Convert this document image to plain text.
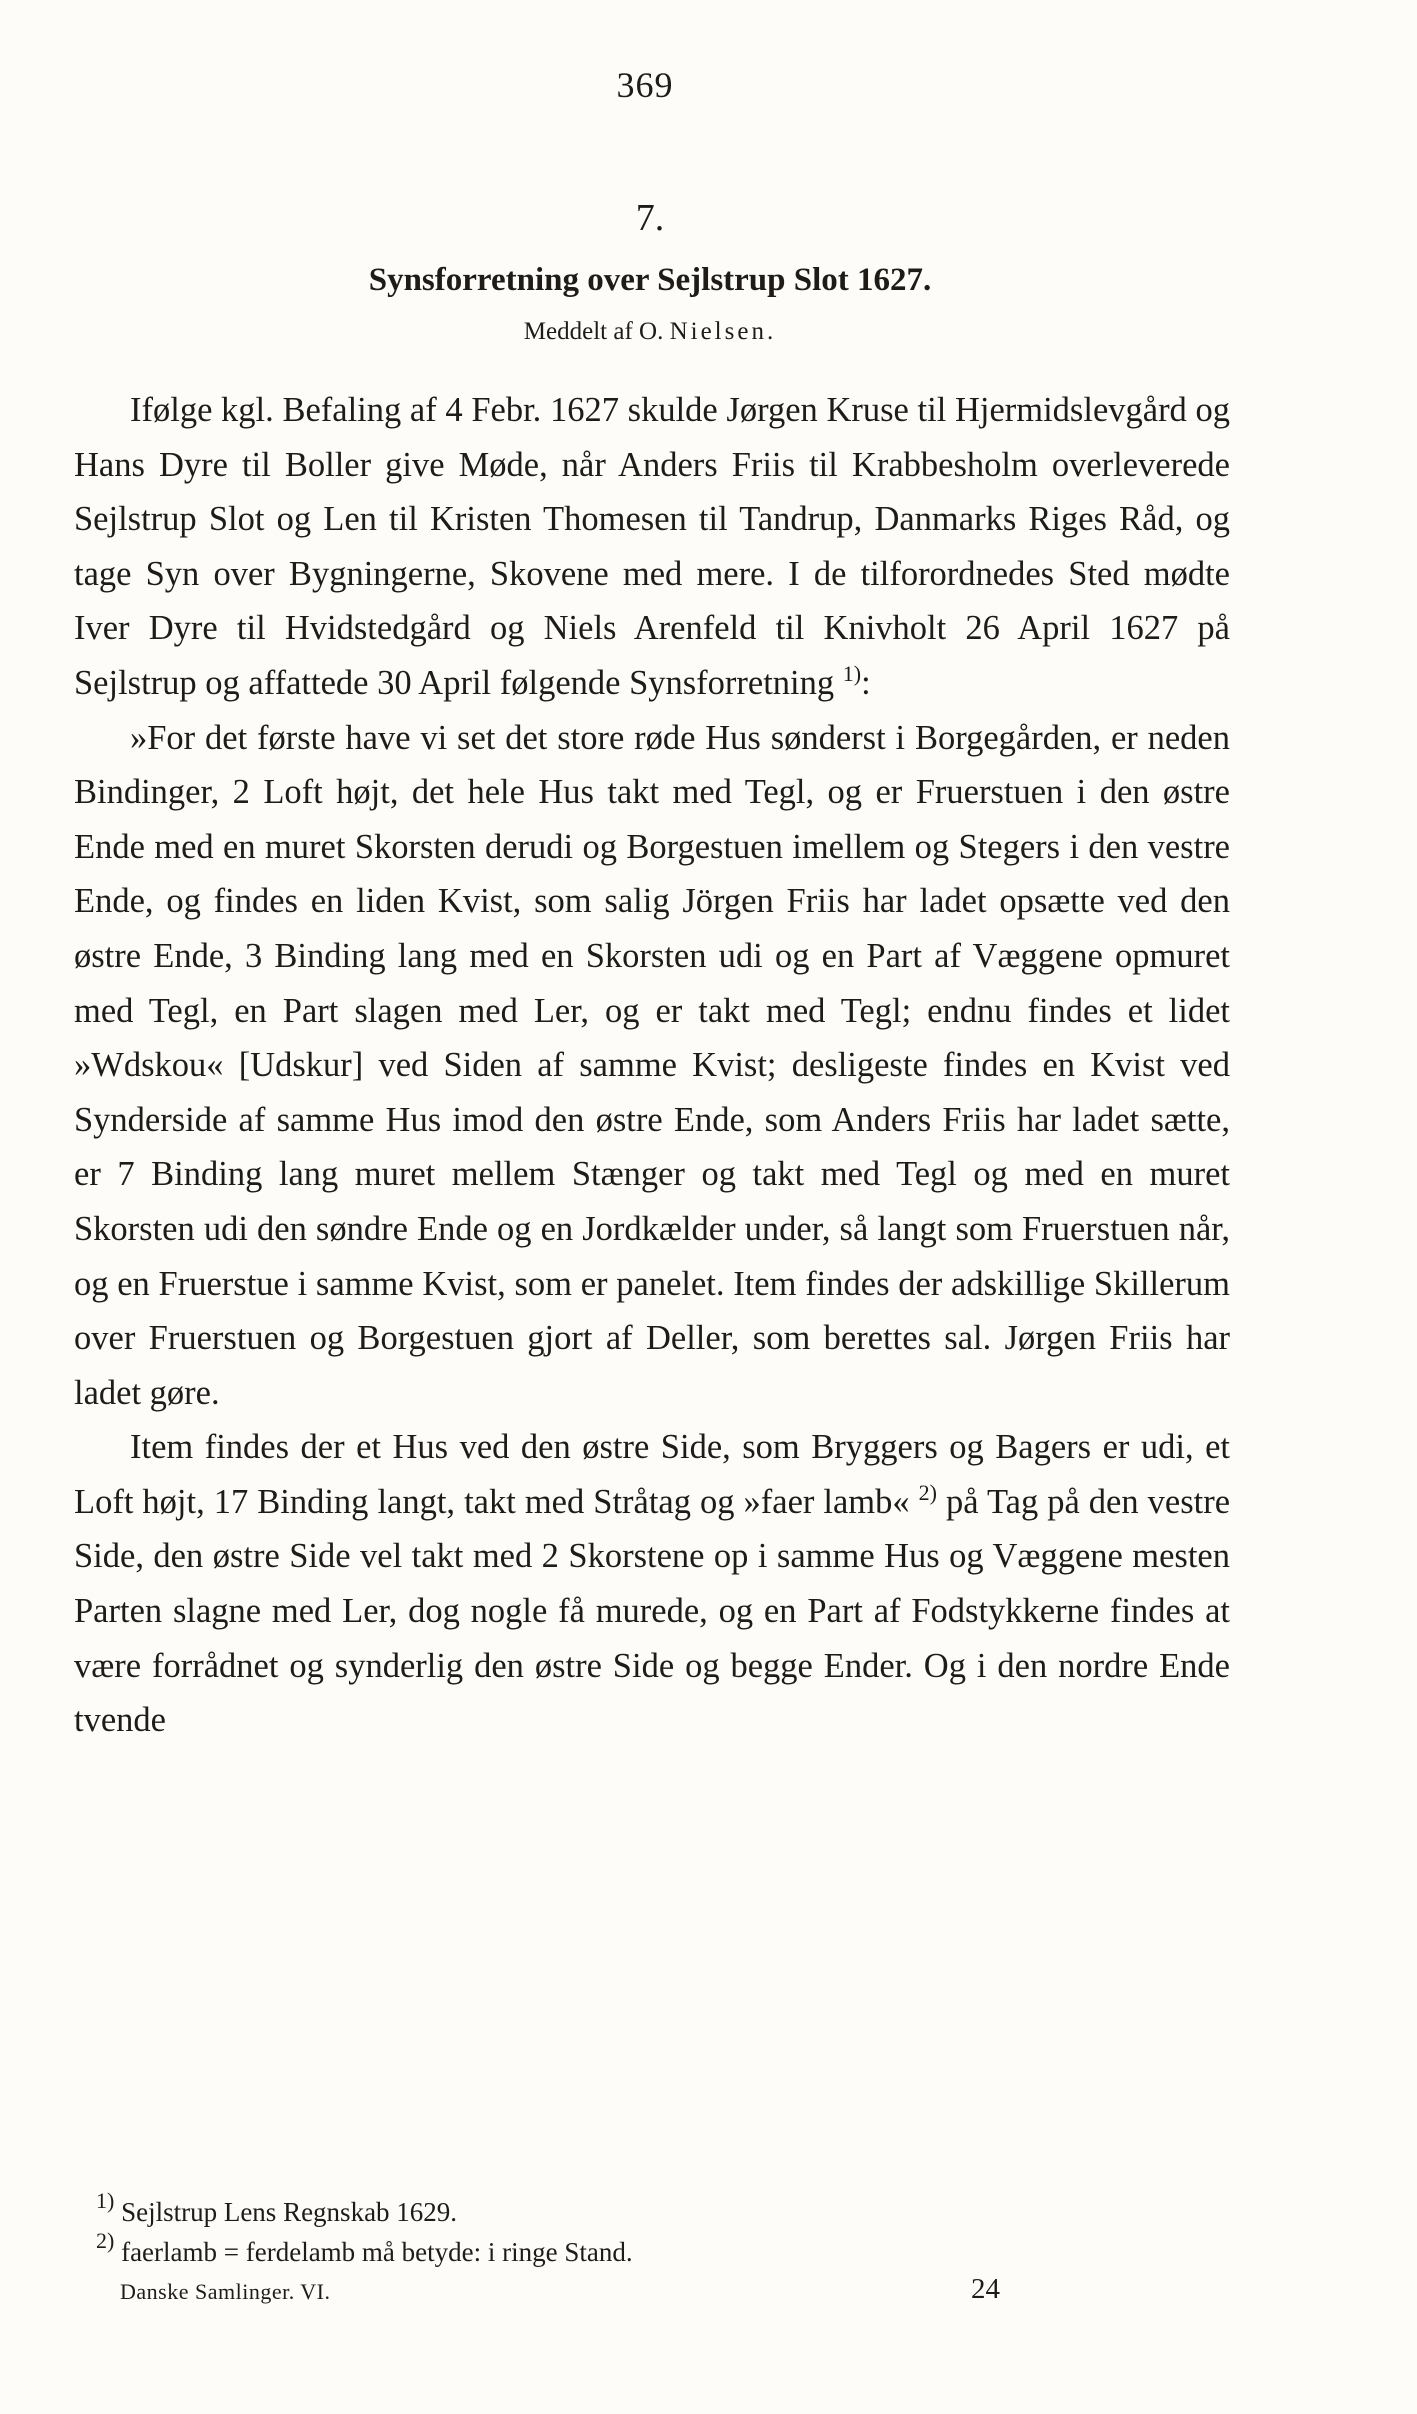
369
7.
Synsforretning over Sejlstrup Slot 1627.
Meddelt af O. Nielsen.

Ifølge kgl. Befaling af 4 Febr. 1627 skulde Jørgen Kruse til Hjermidslevgård og Hans Dyre til Boller give Møde, når Anders Friis til Krabbesholm overleverede Sejlstrup Slot og Len til Kristen Thomesen til Tandrup, Danmarks Riges Råd, og tage Syn over Bygningerne, Skovene med mere. I de tilforordnedes Sted mødte Iver Dyre til Hvidstedgård og Niels Arenfeld til Knivholt 26 April 1627 på Sejlstrup og affattede 30 April følgende Synsforretning $^{1)}$:

»For det første have vi set det store røde Hus sønderst i Borgegården, er neden Bindinger, 2 Loft højt, det hele Hus takt med Tegl, og er Fruerstuen i den østre Ende med en muret Skorsten derudi og Borgestuen imellem og Stegers i den vestre Ende, og findes en liden Kvist, som salig Jörgen Friis har ladet opsætte ved den østre Ende, 3 Binding lang med en Skorsten udi og en Part af Væggene opmuret med Tegl, en Part slagen med Ler, og er takt med Tegl; endnu findes et lidet »Wdskou« [Udskur] ved Siden af samme Kvist; desligeste findes en Kvist ved Synderside af samme Hus imod den østre Ende, som Anders Friis har ladet sætte, er 7 Binding lang muret mellem Stænger og takt med Tegl og med en muret Skorsten udi den søndre Ende og en Jordkælder under, så langt som Fruerstuen når, og en Fruerstue i samme Kvist, som er panelet. Item findes der adskillige Skillerum over Fruerstuen og Borgestuen gjort af Deller, som berettes sal. Jørgen Friis har ladet gøre.

Item findes der et Hus ved den østre Side, som Bryggers og Bagers er udi, et Loft højt, 17 Binding langt, takt med Stråtag og »faer lamb« $^{2)}$ på Tag på den vestre Side, den østre Side vel takt med 2 Skorstene op i samme Hus og Væggene mesten Parten slagne med Ler, dog nogle få murede, og en Part af Fodstykkerne findes at være forrådnet og synderlig den østre Side og begge Ender. Og i den nordre Ende tvende

$^{1)}$ Sejlstrup Lens Regnskab 1629.
$^{2)}$ faerlamb = ferdelamb må betyde: i ringe Stand.
Danske Samlinger. VI.	24
